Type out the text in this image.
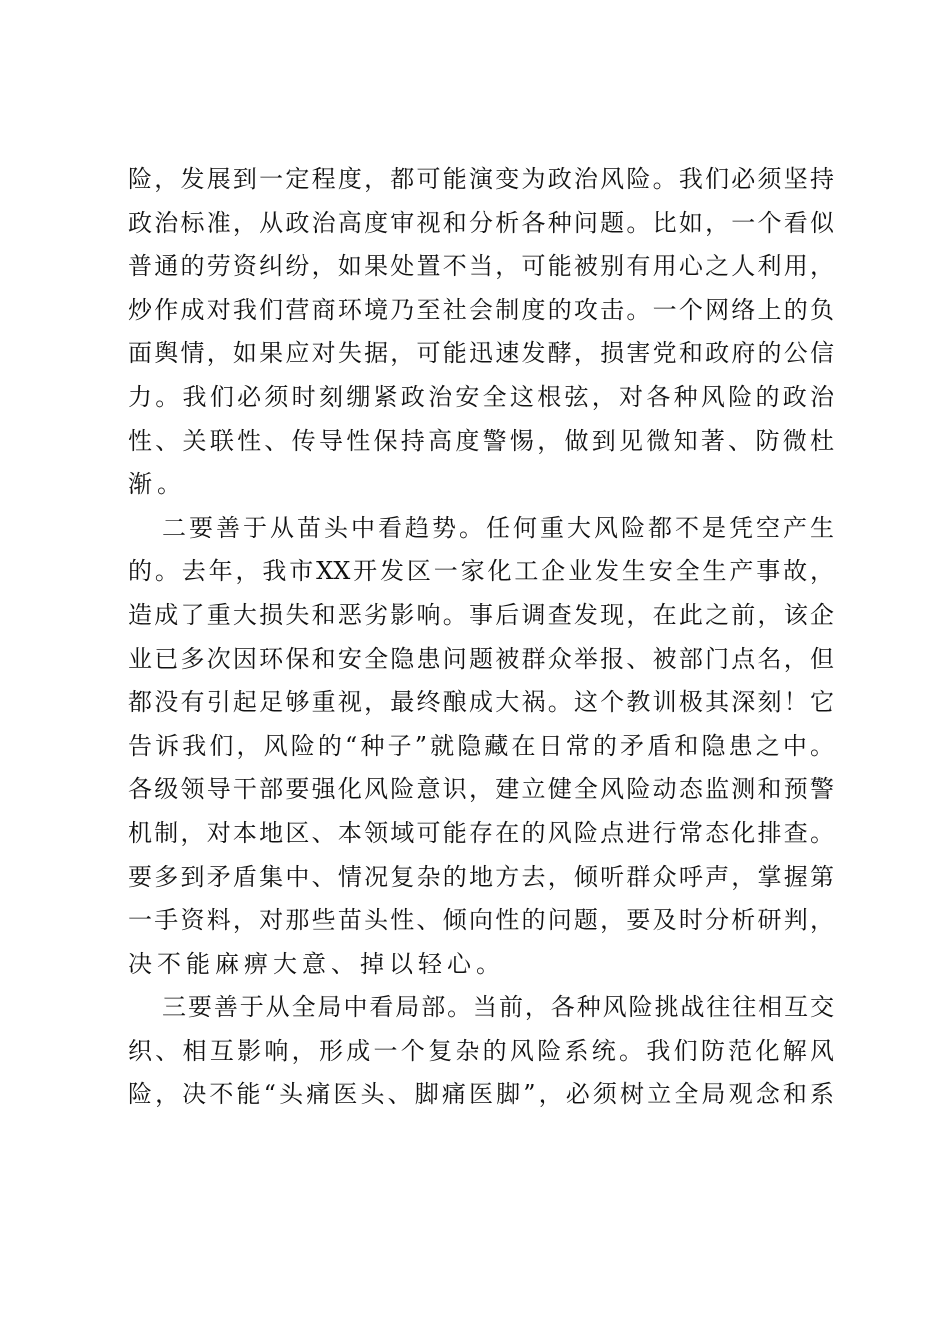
险，发展到一定程度，都可能演变为政治风险。我们必须坚持
政治标准，从政治高度审视和分析各种问题。比如，一个看似
普通的劳资纠纷，如果处置不当，可能被别有用心之人利用，
炒作成对我们营商环境乃至社会制度的攻击。一个网络上的负
面舆情，如果应对失据，可能迅速发酵，损害党和政府的公信
力。我们必须时刻绷紧政治安全这根弦，对各种风险的政治
性、关联性、传导性保持高度警惕，做到见微知著、防微杜
渐。
二要善于从苗头中看趋势。任何重大风险都不是凭空产生
的。去年，我市XX开发区一家化工企业发生安全生产事故，
造成了重大损失和恶劣影响。事后调查发现，在此之前，该企
业已多次因环保和安全隐患问题被群众举报、被部门点名，但
都没有引起足够重视，最终酿成大祸。这个教训极其深刻！它
告诉我们，风险的“种子”就隐藏在日常的矛盾和隐患之中。
各级领导干部要强化风险意识，建立健全风险动态监测和预警
机制，对本地区、本领域可能存在的风险点进行常态化排查。
要多到矛盾集中、情况复杂的地方去，倾听群众呼声，掌握第
一手资料，对那些苗头性、倾向性的问题，要及时分析研判，
决不能麻痹大意、掉以轻心。
三要善于从全局中看局部。当前，各种风险挑战往往相互交
织、相互影响，形成一个复杂的风险系统。我们防范化解风
险，决不能“头痛医头、脚痛医脚”，必须树立全局观念和系
